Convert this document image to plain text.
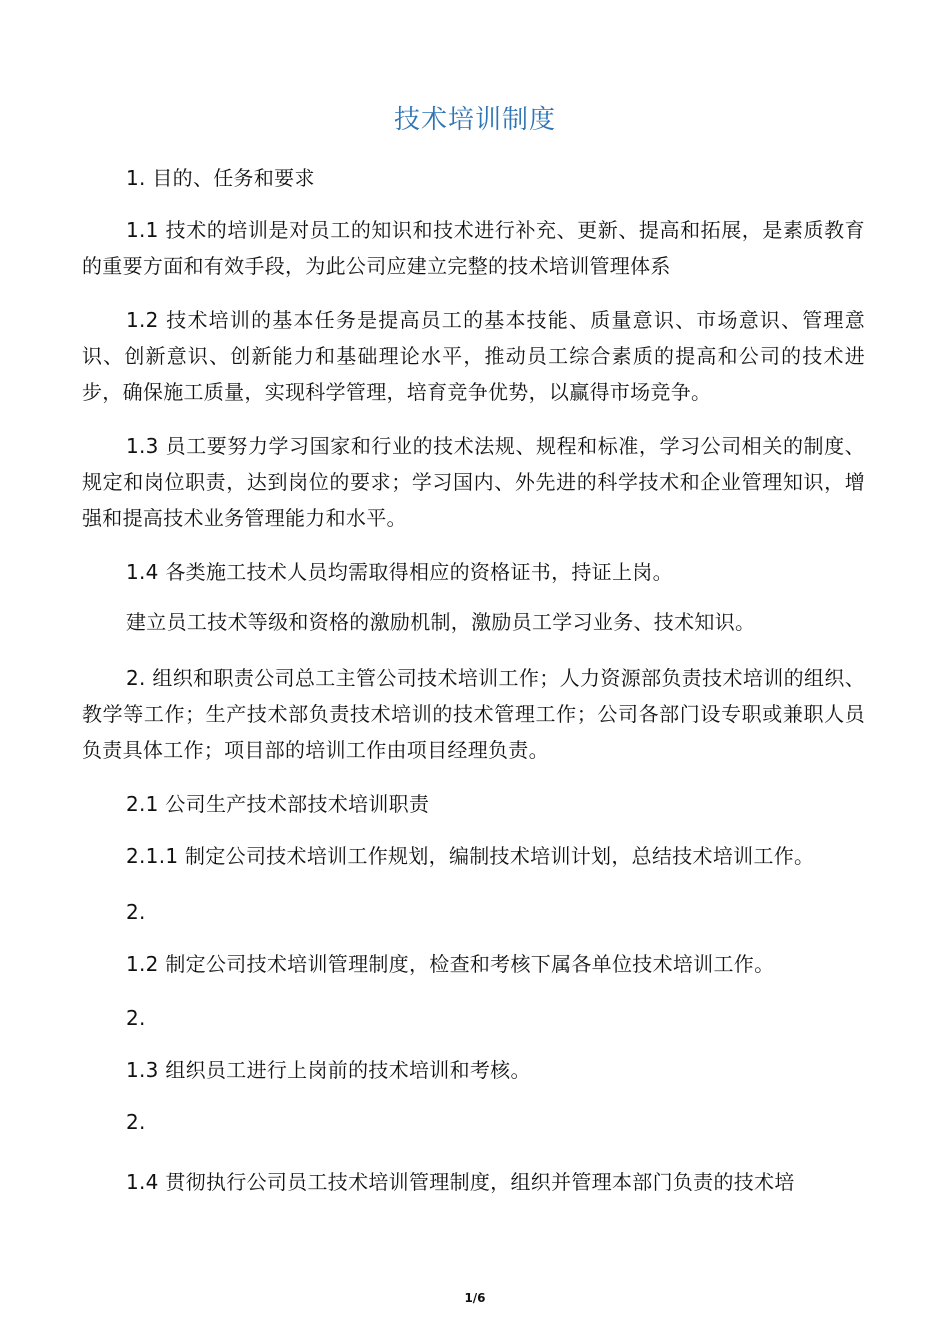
技术培训制度
1. 目的、任务和要求
1.1 技术的培训是对员工的知识和技术进行补充、更新、提高和拓展，是素质教育的重要方面和有效手段，为此公司应建立完整的技术培训管理体系
1.2 技术培训的基本任务是提高员工的基本技能、质量意识、市场意识、管理意识、创新意识、创新能力和基础理论水平，推动员工综合素质的提高和公司的技术进步，确保施工质量，实现科学管理，培育竞争优势，以赢得市场竞争。
1.3 员工要努力学习国家和行业的技术法规、规程和标准，学习公司相关的制度、规定和岗位职责，达到岗位的要求；学习国内、外先进的科学技术和企业管理知识，增强和提高技术业务管理能力和水平。
1.4 各类施工技术人员均需取得相应的资格证书，持证上岗。
建立员工技术等级和资格的激励机制，激励员工学习业务、技术知识。
2. 组织和职责公司总工主管公司技术培训工作；人力资源部负责技术培训的组织、教学等工作；生产技术部负责技术培训的技术管理工作；公司各部门设专职或兼职人员负责具体工作；项目部的培训工作由项目经理负责。
2.1 公司生产技术部技术培训职责
2.1.1 制定公司技术培训工作规划，编制技术培训计划，总结技术培训工作。
2.
1.2 制定公司技术培训管理制度，检查和考核下属各单位技术培训工作。
2.
1.3 组织员工进行上岗前的技术培训和考核。
2.
1.4 贯彻执行公司员工技术培训管理制度，组织并管理本部门负责的技术培
1/6
